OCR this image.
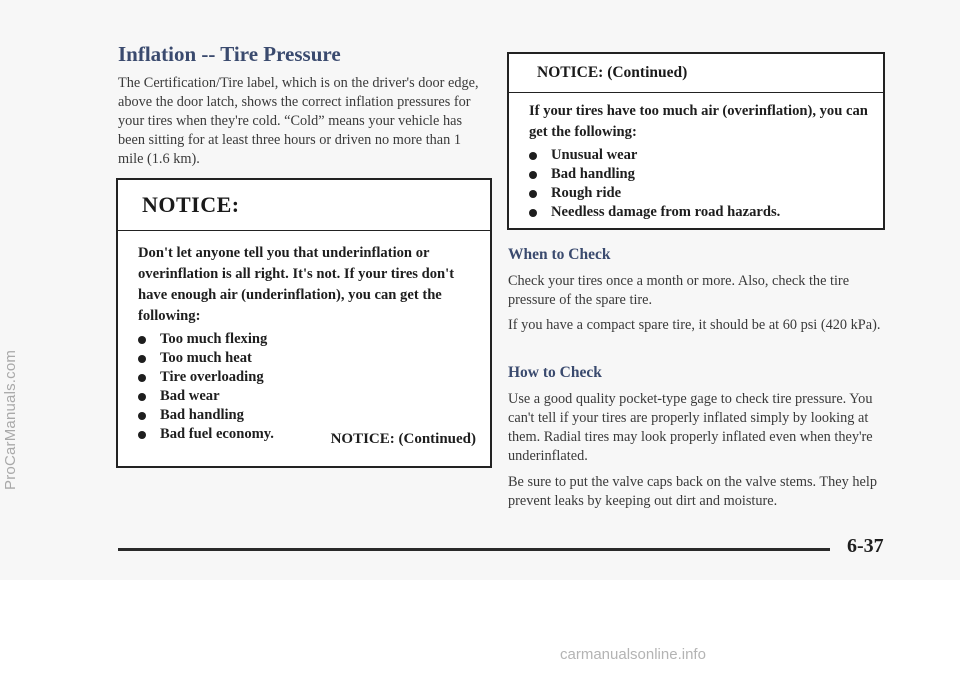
Inflation -- Tire Pressure

The Certification/Tire label, which is on the driver's door edge, above the door latch, shows the correct inflation pressures for your tires when they're cold. “Cold” means your vehicle has been sitting for at least three hours or driven no more than 1 mile (1.6 km).

NOTICE:

Don't let anyone tell you that underinflation or overinflation is all right. It's not. If your tires don't have enough air (underinflation), you can get the following:

Too much flexing
Too much heat
Tire overloading
Bad wear
Bad handling
Bad fuel economy.	NOTICE: (Continued)
NOTICE: (Continued)

If your tires have too much air (overinflation), you can get the following:

Unusual wear
Bad handling
Rough ride
Needless damage from road hazards.
When to Check

Check your tires once a month or more. Also, check the tire pressure of the spare tire.

If you have a compact spare tire, it should be at 60 psi (420 kPa).

How to Check

Use a good quality pocket-type gage to check tire pressure. You can't tell if your tires are properly inflated simply by looking at them. Radial tires may look properly inflated even when they're underinflated.

Be sure to put the valve caps back on the valve stems. They help prevent leaks by keeping out dirt and moisture.

6-37
ProCarManuals.com
carmanualsonline.info
